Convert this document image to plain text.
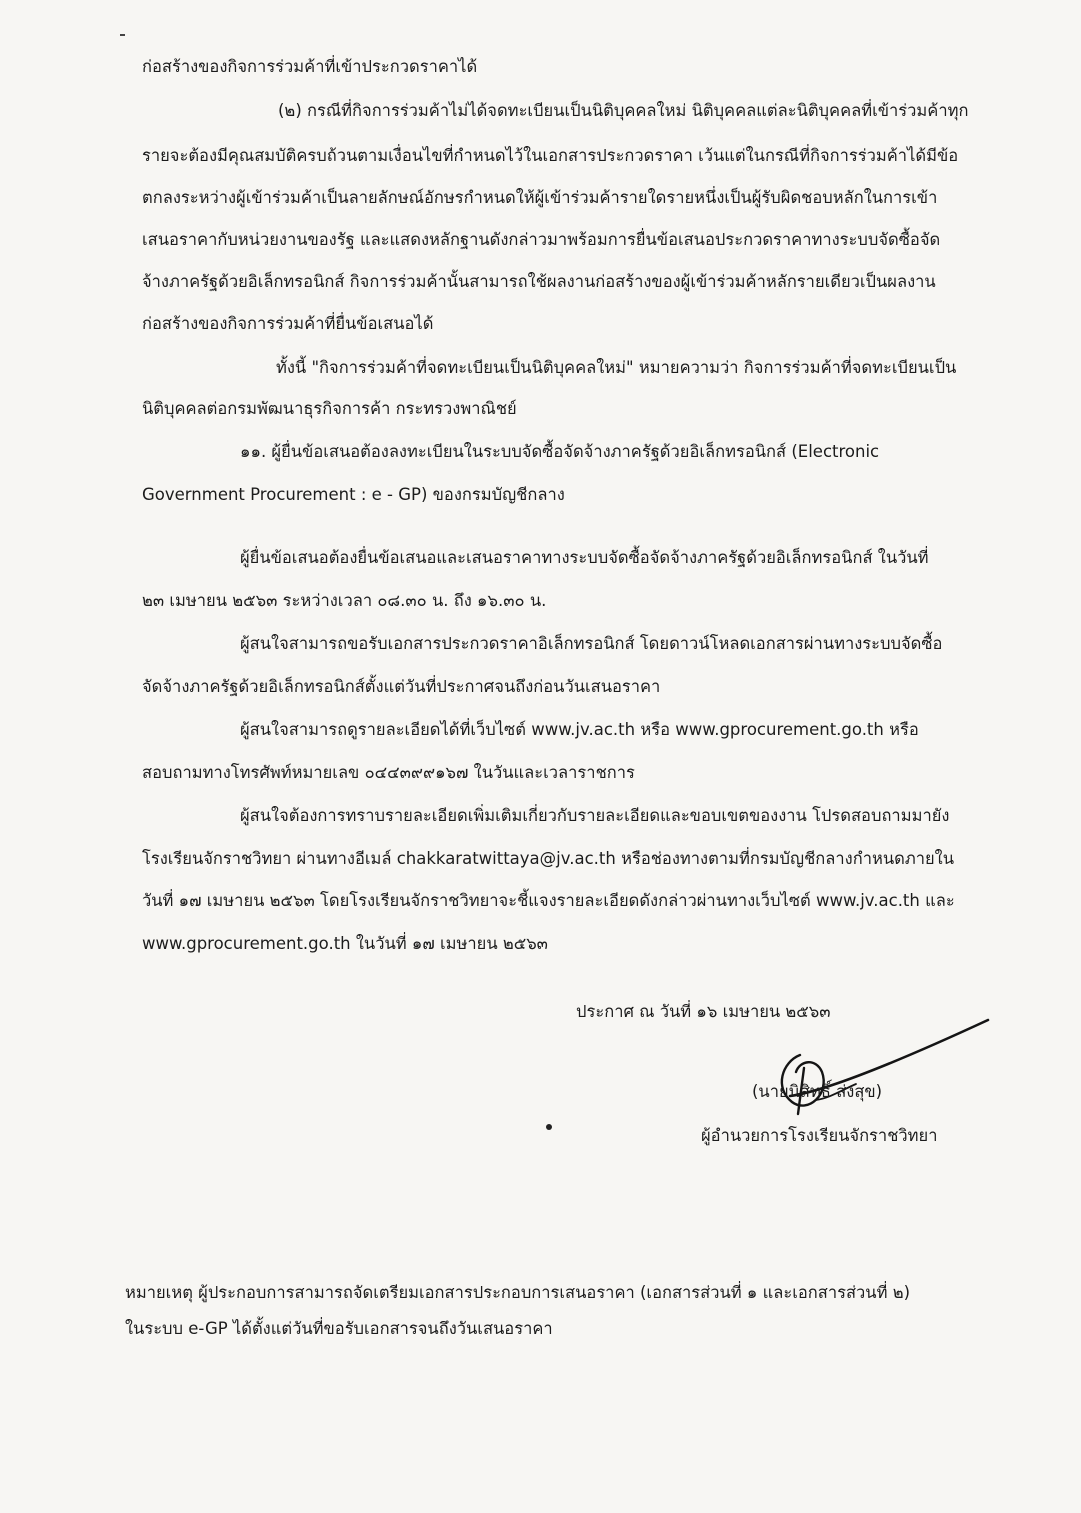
ก่อสร้างของกิจการร่วมค้าที่เข้าประกวดราคาได้
(๒) กรณีที่กิจการร่วมค้าไม่ได้จดทะเบียนเป็นนิติบุคคลใหม่ นิติบุคคลแต่ละนิติบุคคลที่เข้าร่วมค้าทุก
รายจะต้องมีคุณสมบัติครบถ้วนตามเงื่อนไขที่กำหนดไว้ในเอกสารประกวดราคา เว้นแต่ในกรณีที่กิจการร่วมค้าได้มีข้อ
ตกลงระหว่างผู้เข้าร่วมค้าเป็นลายลักษณ์อักษรกำหนดให้ผู้เข้าร่วมค้ารายใดรายหนึ่งเป็นผู้รับผิดชอบหลักในการเข้า
เสนอราคากับหน่วยงานของรัฐ และแสดงหลักฐานดังกล่าวมาพร้อมการยื่นข้อเสนอประกวดราคาทางระบบจัดซื้อจัด
จ้างภาครัฐด้วยอิเล็กทรอนิกส์ กิจการร่วมค้านั้นสามารถใช้ผลงานก่อสร้างของผู้เข้าร่วมค้าหลักรายเดียวเป็นผลงาน
ก่อสร้างของกิจการร่วมค้าที่ยื่นข้อเสนอได้
ทั้งนี้ "กิจการร่วมค้าที่จดทะเบียนเป็นนิติบุคคลใหม่" หมายความว่า กิจการร่วมค้าที่จดทะเบียนเป็น
นิติบุคคลต่อกรมพัฒนาธุรกิจการค้า กระทรวงพาณิชย์
๑๑. ผู้ยื่นข้อเสนอต้องลงทะเบียนในระบบจัดซื้อจัดจ้างภาครัฐด้วยอิเล็กทรอนิกส์ (Electronic
Government Procurement : e - GP) ของกรมบัญชีกลาง
ผู้ยื่นข้อเสนอต้องยื่นข้อเสนอและเสนอราคาทางระบบจัดซื้อจัดจ้างภาครัฐด้วยอิเล็กทรอนิกส์ ในวันที่
๒๓ เมษายน ๒๕๖๓ ระหว่างเวลา ๐๘.๓๐ น. ถึง ๑๖.๓๐ น.
ผู้สนใจสามารถขอรับเอกสารประกวดราคาอิเล็กทรอนิกส์ โดยดาวน์โหลดเอกสารผ่านทางระบบจัดซื้อ
จัดจ้างภาครัฐด้วยอิเล็กทรอนิกส์ตั้งแต่วันที่ประกาศจนถึงก่อนวันเสนอราคา
ผู้สนใจสามารถดูรายละเอียดได้ที่เว็บไซต์ www.jv.ac.th หรือ www.gprocurement.go.th หรือ
สอบถามทางโทรศัพท์หมายเลข ๐๔๔๓๙๙๑๖๗ ในวันและเวลาราชการ
ผู้สนใจต้องการทราบรายละเอียดเพิ่มเติมเกี่ยวกับรายละเอียดและขอบเขตของงาน โปรดสอบถามมายัง
โรงเรียนจักราชวิทยา ผ่านทางอีเมล์ chakkaratwittaya@jv.ac.th หรือช่องทางตามที่กรมบัญชีกลางกำหนดภายใน
วันที่ ๑๗ เมษายน ๒๕๖๓ โดยโรงเรียนจักราชวิทยาจะชี้แจงรายละเอียดดังกล่าวผ่านทางเว็บไซต์ www.jv.ac.th และ
www.gprocurement.go.th ในวันที่ ๑๗ เมษายน ๒๕๖๓
ประกาศ ณ วันที่ ๑๖ เมษายน ๒๕๖๓
(นายนิสิทธิ์ ส่งสุข)
ผู้อำนวยการโรงเรียนจักราชวิทยา
หมายเหตุ ผู้ประกอบการสามารถจัดเตรียมเอกสารประกอบการเสนอราคา (เอกสารส่วนที่ ๑ และเอกสารส่วนที่ ๒)
ในระบบ e-GP ได้ตั้งแต่วันที่ขอรับเอกสารจนถึงวันเสนอราคา
